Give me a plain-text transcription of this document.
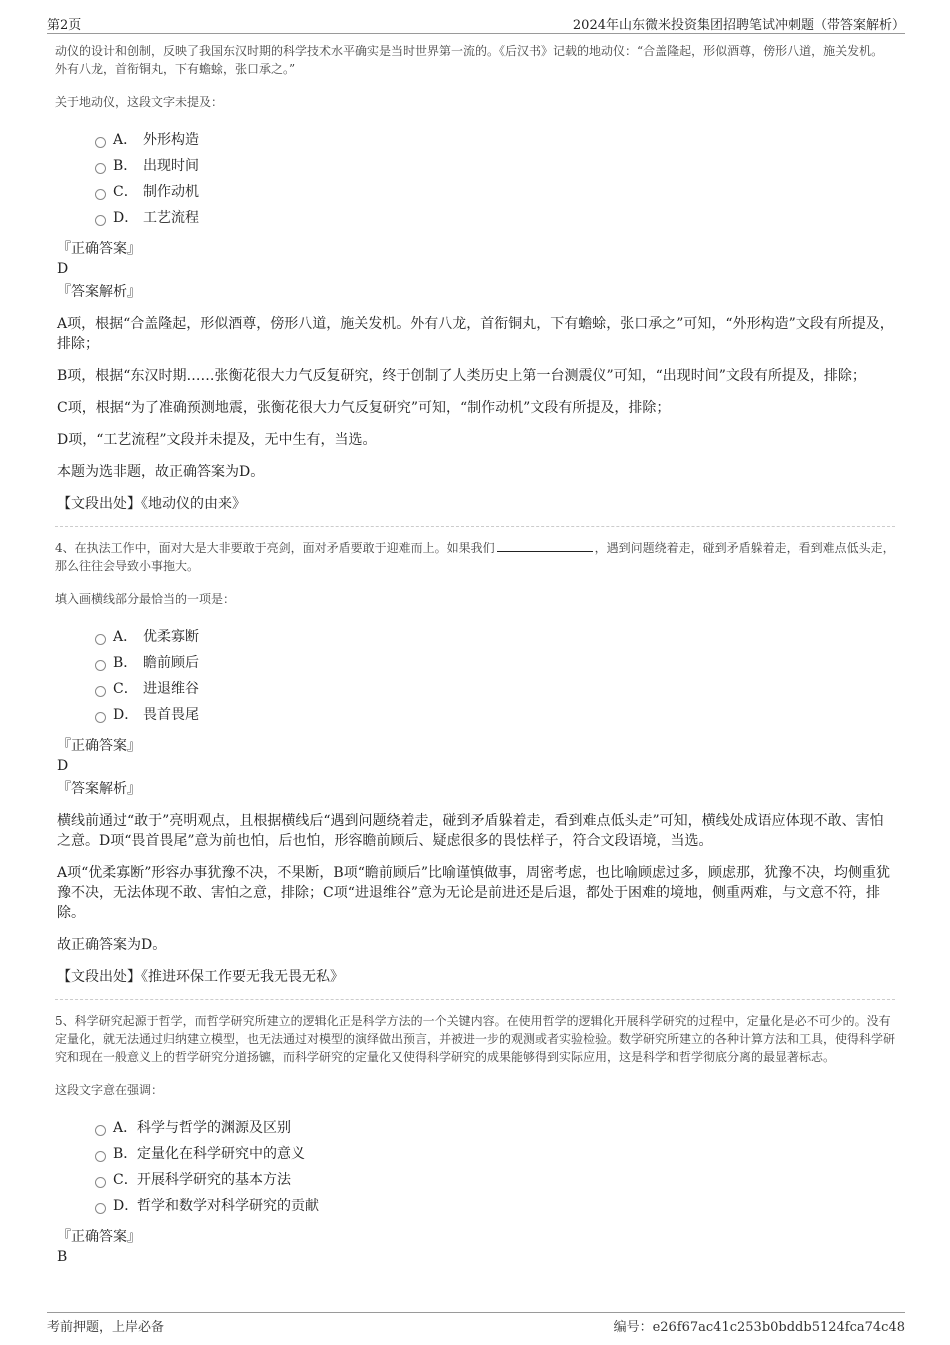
第2页	2024年山东微米投资集团招聘笔试冲刺题（带答案解析）

动仪的设计和创制，反映了我国东汉时期的科学技术水平确实是当时世界第一流的。《后汉书》记载的地动仪：“合盖隆起，形似酒尊，傍形八道，施关发机。外有八龙，首衔铜丸，下有蟾蜍，张口承之。”

关于地动仪，这段文字未提及：

A． 外形构造
B． 出现时间
C． 制作动机
D． 工艺流程

『正确答案』

D

『答案解析』

A项，根据“合盖隆起，形似酒尊，傍形八道，施关发机。外有八龙，首衔铜丸，下有蟾蜍，张口承之”可知，“外形构造”文段有所提及，排除；

B项，根据“东汉时期……张衡花很大力气反复研究，终于创制了人类历史上第一台测震仪”可知，“出现时间”文段有所提及，排除；

C项，根据“为了准确预测地震，张衡花很大力气反复研究”可知，“制作动机”文段有所提及，排除；

D项，“工艺流程”文段并未提及，无中生有，当选。

本题为选非题，故正确答案为D。

【文段出处】《地动仪的由来》

4、在执法工作中，面对大是大非要敢于亮剑，面对矛盾要敢于迎难而上。如果我们	，遇到问题绕着走，碰到矛盾躲着走，看到难点低头走，那么往往会导致小事拖大。

填入画横线部分最恰当的一项是：

A． 优柔寡断
B． 瞻前顾后
C． 进退维谷
D． 畏首畏尾

『正确答案』

D

『答案解析』

横线前通过“敢于”亮明观点，且根据横线后“遇到问题绕着走，碰到矛盾躲着走，看到难点低头走”可知，横线处成语应体现不敢、害怕之意。D项“畏首畏尾”意为前也怕，后也怕，形容瞻前顾后、疑虑很多的畏怯样子，符合文段语境，当选。

A项“优柔寡断”形容办事犹豫不决，不果断，B项“瞻前顾后”比喻谨慎做事，周密考虑，也比喻顾虑过多，顾虑那，犹豫不决，均侧重犹豫不决，无法体现不敢、害怕之意，排除；C项“进退维谷”意为无论是前进还是后退，都处于困难的境地，侧重两难，与文意不符，排除。

故正确答案为D。

【文段出处】《推进环保工作要无我无畏无私》

5、科学研究起源于哲学，而哲学研究所建立的逻辑化正是科学方法的一个关键内容。在使用哲学的逻辑化开展科学研究的过程中，定量化是必不可少的。没有定量化，就无法通过归纳建立模型，也无法通过对模型的演绎做出预言，并被进一步的观测或者实验检验。数学研究所建立的各种计算方法和工具，使得科学研究和现在一般意义上的哲学研究分道扬镳，而科学研究的定量化又使得科学研究的成果能够得到实际应用，这是科学和哲学彻底分离的最显著标志。

这段文字意在强调：

A．科学与哲学的渊源及区别
B．定量化在科学研究中的意义
C．开展科学研究的基本方法
D．哲学和数学对科学研究的贡献

『正确答案』

B

考前押题，上岸必备	编号：e26f67ac41c253b0bddb5124fca74c48
